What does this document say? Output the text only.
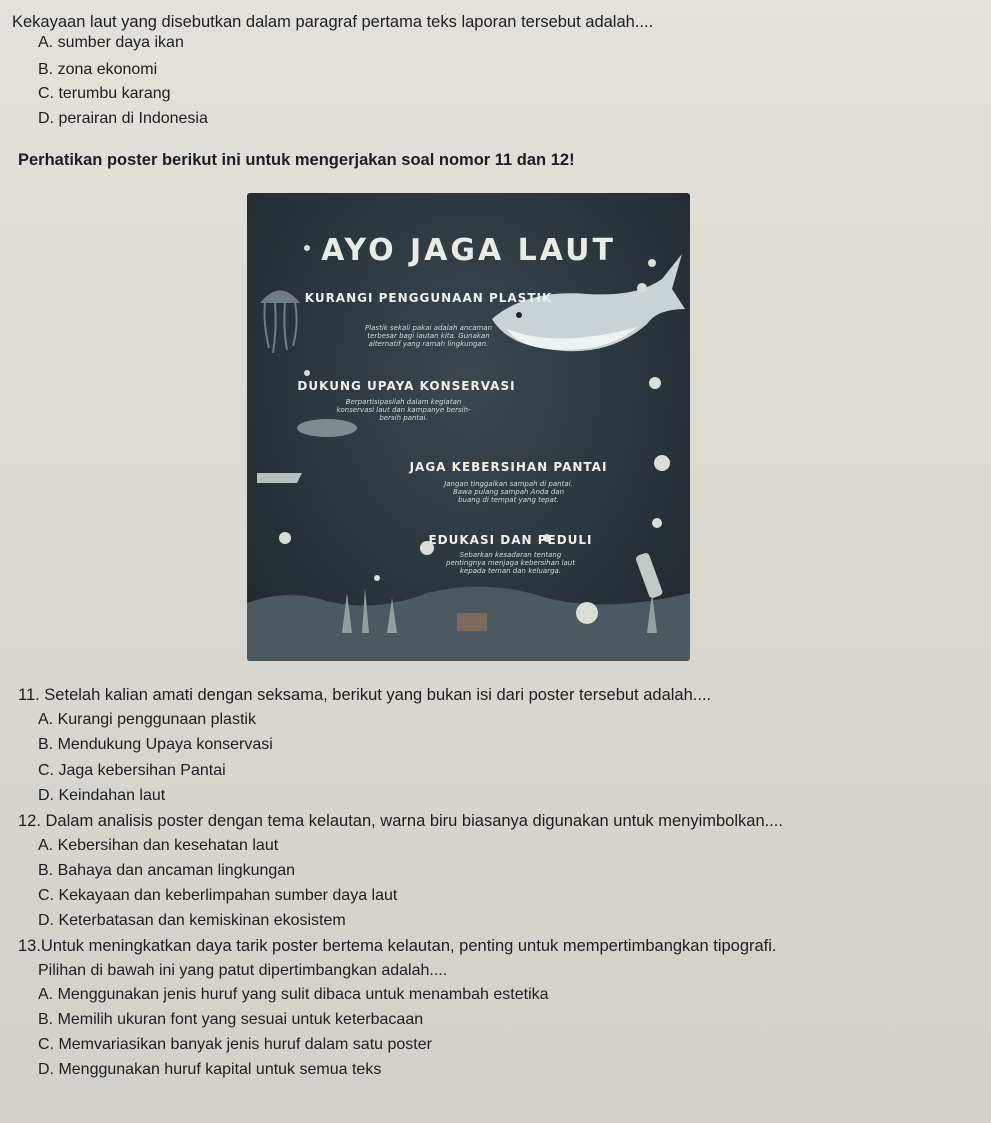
Kekayaan laut yang disebutkan dalam paragraf pertama teks laporan tersebut adalah....
A. sumber daya ikan
B. zona ekonomi
C. terumbu karang
D. perairan di Indonesia
Perhatikan poster berikut ini untuk mengerjakan soal nomor 11 dan 12!
AYO JAGA LAUT
KURANGI PENGGUNAAN PLASTIK
Plastik sekali pakai adalah ancaman
terbesar bagi lautan kita. Gunakan
alternatif yang ramah lingkungan.
DUKUNG UPAYA KONSERVASI
Berpartisipasilah dalam kegiatan
konservasi laut dan kampanye bersih-
bersih pantai.
JAGA KEBERSIHAN PANTAI
Jangan tinggalkan sampah di pantai.
Bawa pulang sampah Anda dan
buang di tempat yang tepat.
EDUKASI DAN PEDULI
Sebarkan kesadaran tentang
pentingnya menjaga kebersihan laut
kepada teman dan keluarga.
11. Setelah kalian amati dengan seksama, berikut yang bukan isi dari poster tersebut adalah....
A. Kurangi penggunaan plastik
B. Mendukung Upaya konservasi
C. Jaga kebersihan Pantai
D. Keindahan laut
12. Dalam analisis poster dengan tema kelautan, warna biru biasanya digunakan untuk menyimbolkan....
A. Kebersihan dan kesehatan laut
B. Bahaya dan ancaman lingkungan
C. Kekayaan dan keberlimpahan sumber daya laut
D. Keterbatasan dan kemiskinan ekosistem
13.Untuk meningkatkan daya tarik poster bertema kelautan, penting untuk mempertimbangkan tipografi.
Pilihan di bawah ini yang patut dipertimbangkan adalah....
A. Menggunakan jenis huruf yang sulit dibaca untuk menambah estetika
B. Memilih ukuran font yang sesuai untuk keterbacaan
C. Memvariasikan banyak jenis huruf dalam satu poster
D. Menggunakan huruf kapital untuk semua teks
